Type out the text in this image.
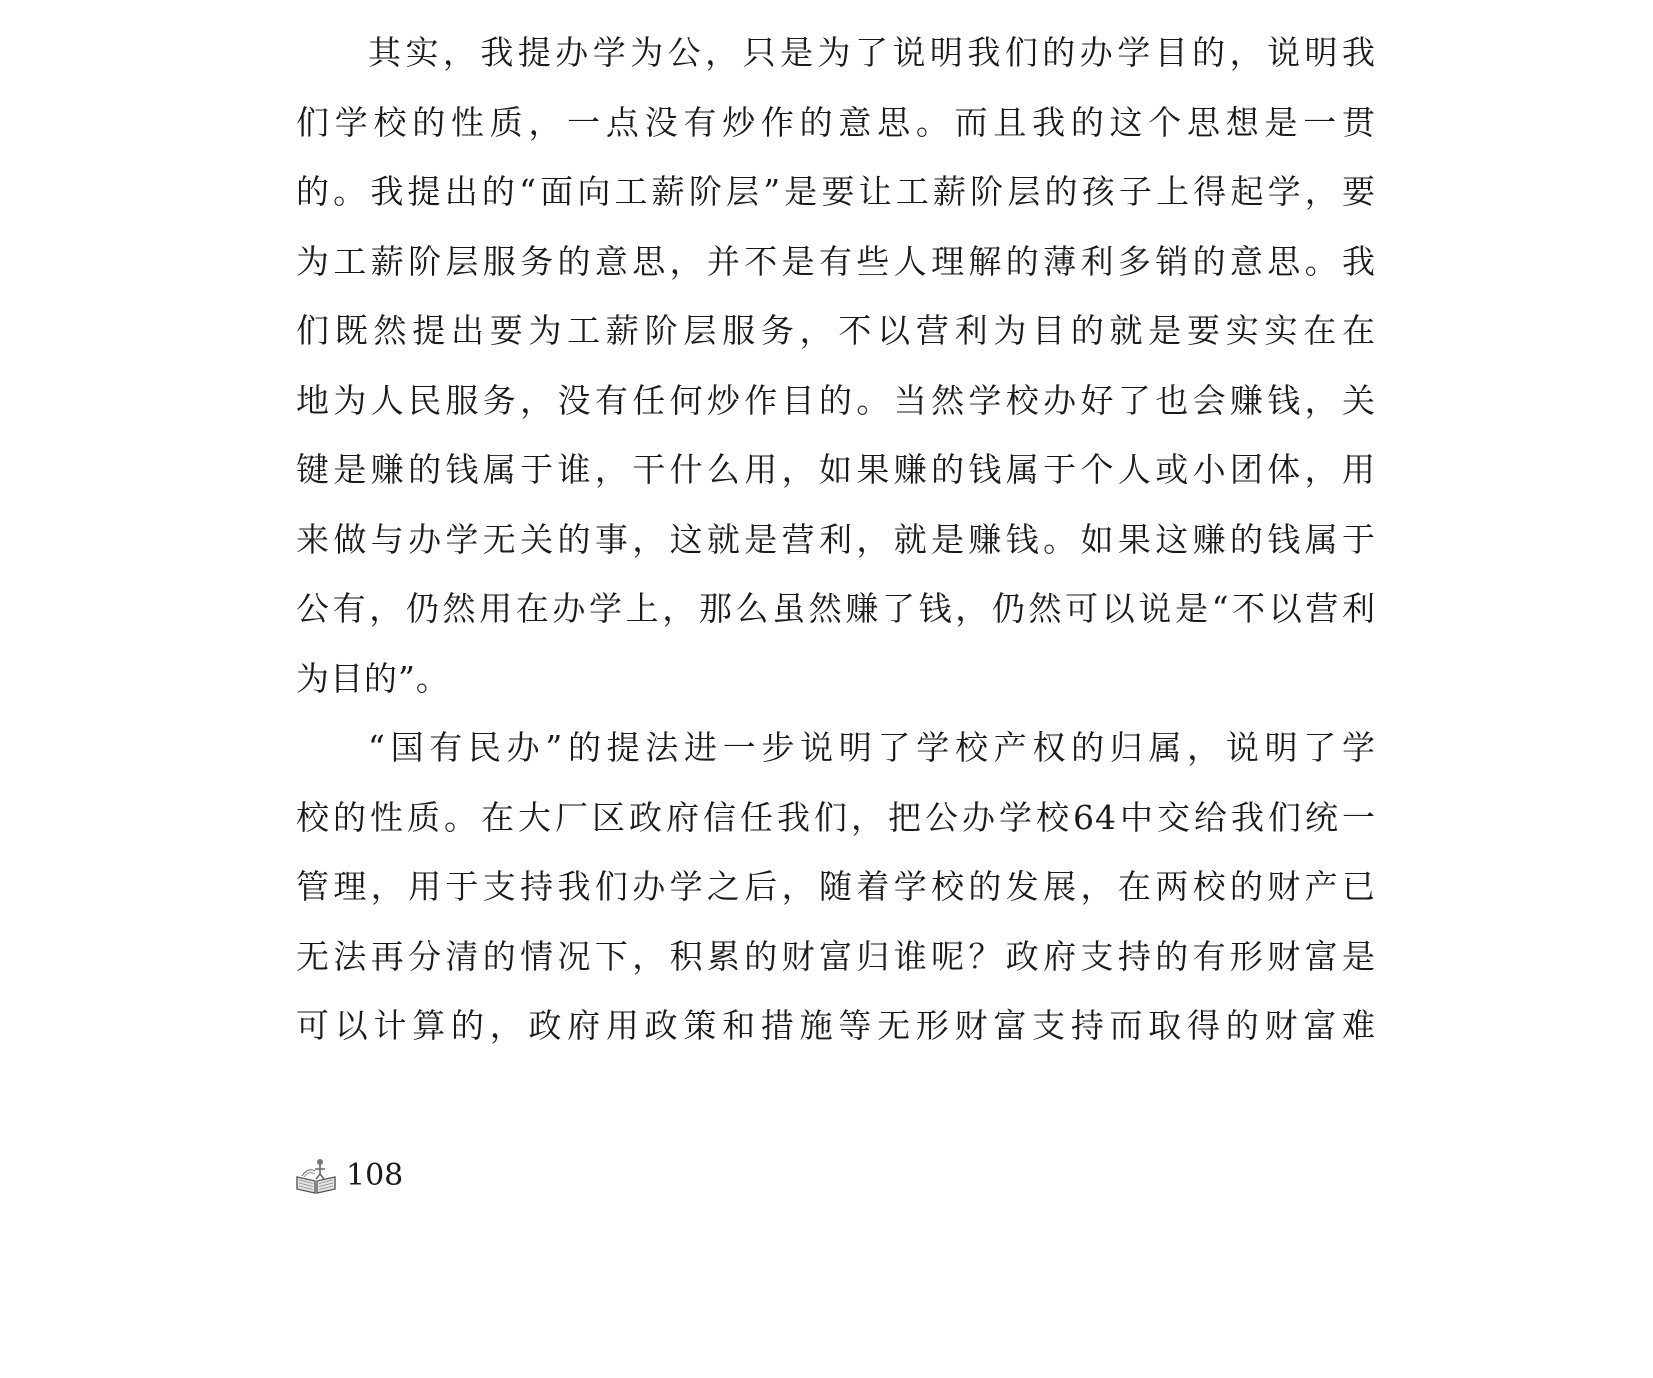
其实，我提办学为公，只是为了说明我们的办学目的，说明我
们学校的性质，一点没有炒作的意思。而且我的这个思想是一贯
的。我提出的“面向工薪阶层”是要让工薪阶层的孩子上得起学，要
为工薪阶层服务的意思，并不是有些人理解的薄利多销的意思。我
们既然提出要为工薪阶层服务，不以营利为目的就是要实实在在
地为人民服务，没有任何炒作目的。当然学校办好了也会赚钱，关
键是赚的钱属于谁，干什么用，如果赚的钱属于个人或小团体，用
来做与办学无关的事，这就是营利，就是赚钱。如果这赚的钱属于
公有，仍然用在办学上，那么虽然赚了钱，仍然可以说是“不以营利
为目的”。

“国有民办”的提法进一步说明了学校产权的归属，说明了学
校的性质。在大厂区政府信任我们，把公办学校64中交给我们统一
管理，用于支持我们办学之后，随着学校的发展，在两校的财产已
无法再分清的情况下，积累的财富归谁呢？政府支持的有形财富是
可以计算的，政府用政策和措施等无形财富支持而取得的财富难

108
